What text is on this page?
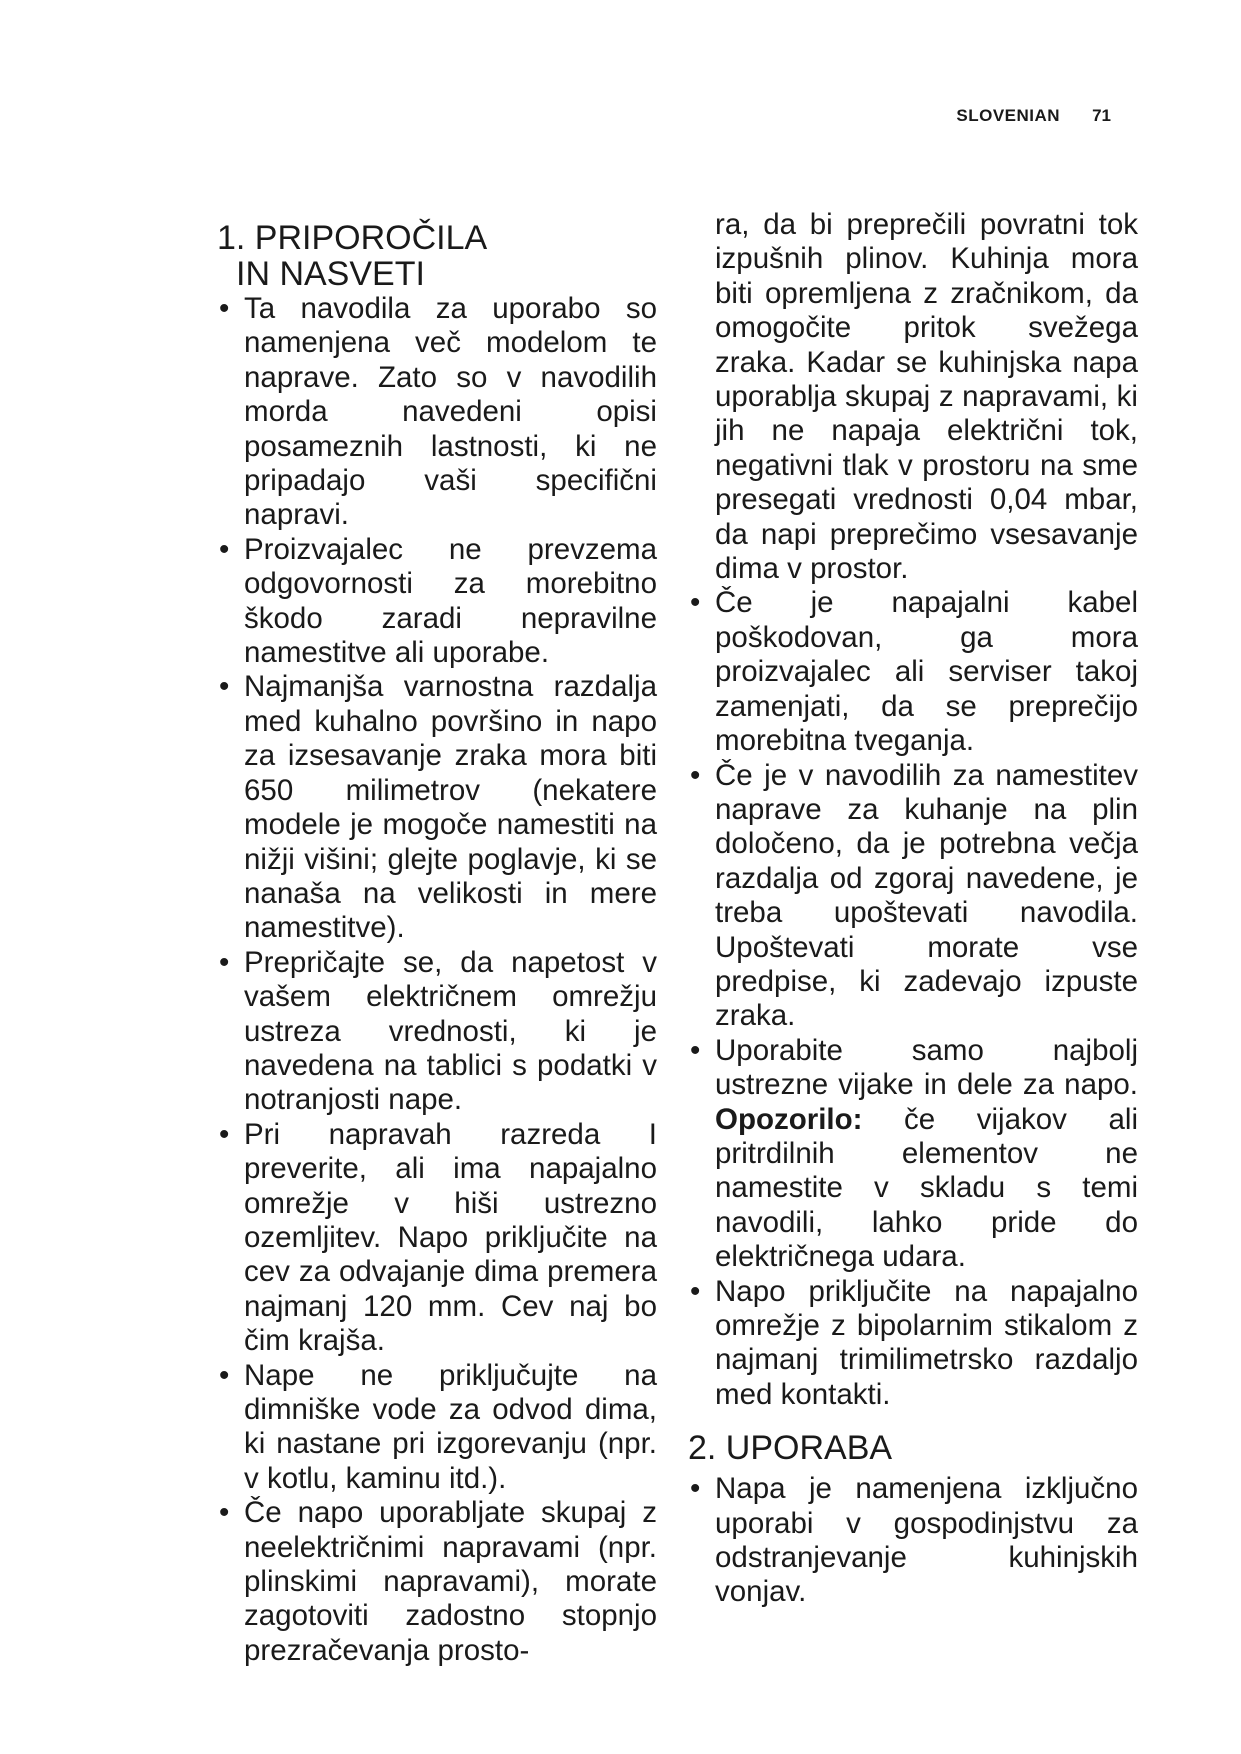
SLOVENIAN 71
1. PRIPOROČILA
IN NASVETI
• Ta navodila za uporabo so namenjena več modelom te naprave. Zato so v navodilih morda navedeni opisi posameznih lastnosti, ki ne pripadajo vaši specifični napravi.
• Proizvajalec ne prevzema odgovornosti za morebitno škodo zaradi nepravilne namestitve ali uporabe.
• Najmanjša varnostna razdalja med kuhalno površino in napo za izsesavanje zraka mora biti 650 milimetrov (nekatere modele je mogoče namestiti na nižji višini; glejte poglavje, ki se nanaša na velikosti in mere namestitve).
• Prepričajte se, da napetost v vašem električnem omrežju ustreza vrednosti, ki je navedena na tablici s podatki v notranjosti nape.
• Pri napravah razreda I preverite, ali ima napajalno omrežje v hiši ustrezno ozemljitev. Napo priključite na cev za odvajanje dima premera najmanj 120 mm. Cev naj bo čim krajša.
• Nape ne priključujte na dimniške vode za odvod dima, ki nastane pri izgorevanju (npr. v kotlu, kaminu itd.).
• Če napo uporabljate skupaj z neelektričnimi napravami (npr. plinskimi napravami), morate zagotoviti zadostno stopnjo prezračevanja prosto-
ra, da bi preprečili povratni tok izpušnih plinov. Kuhinja mora biti opremljena z zračnikom, da omogočite pritok svežega zraka. Kadar se kuhinjska napa uporablja skupaj z napravami, ki jih ne napaja električni tok, negativni tlak v prostoru na sme presegati vrednosti 0,04 mbar, da napi preprečimo vsesavanje dima v prostor.
• Če je napajalni kabel poškodovan, ga mora proizvajalec ali serviser takoj zamenjati, da se preprečijo morebitna tveganja.
• Če je v navodilih za namestitev naprave za kuhanje na plin določeno, da je potrebna večja razdalja od zgoraj navedene, je treba upoštevati navodila. Upoštevati morate vse predpise, ki zadevajo izpuste zraka.
• Uporabite samo najbolj ustrezne vijake in dele za napo. Opozorilo: če vijakov ali pritrdilnih elementov ne namestite v skladu s temi navodili, lahko pride do električnega udara.
• Napo priključite na napajalno omrežje z bipolarnim stikalom z najmanj trimilimetrsko razdaljo med kontakti.
2. UPORABA
• Napa je namenjena izključno uporabi v gospodinjstvu za odstranjevanje kuhinjskih vonjav.
